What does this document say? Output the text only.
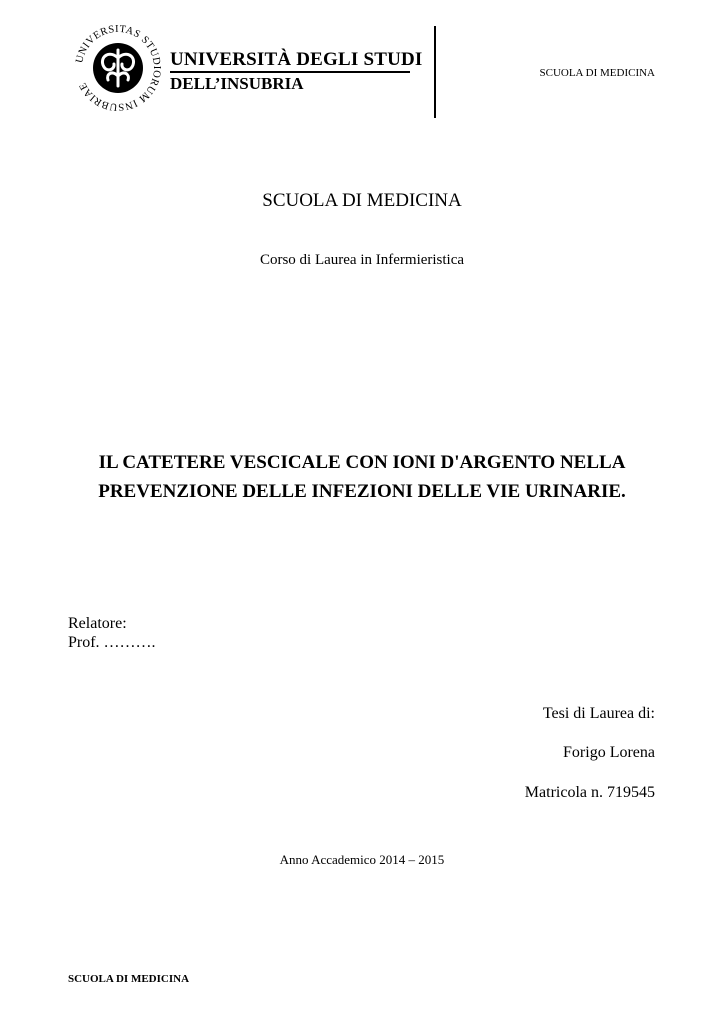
UNIVERSITAS STUDIORUM INSUBRIAE
UNIVERSITÀ DEGLI STUDI
DELL’INSUBRIA
SCUOLA DI MEDICINA
SCUOLA DI MEDICINA
Corso di Laurea in Infermieristica
IL CATETERE VESCICALE CON IONI D'ARGENTO NELLA
PREVENZIONE DELLE INFEZIONI DELLE VIE URINARIE.
Relatore:
Prof. ……….
Tesi di Laurea di:
Forigo Lorena
Matricola n. 719545
Anno Accademico 2014 – 2015
SCUOLA DI MEDICINA
